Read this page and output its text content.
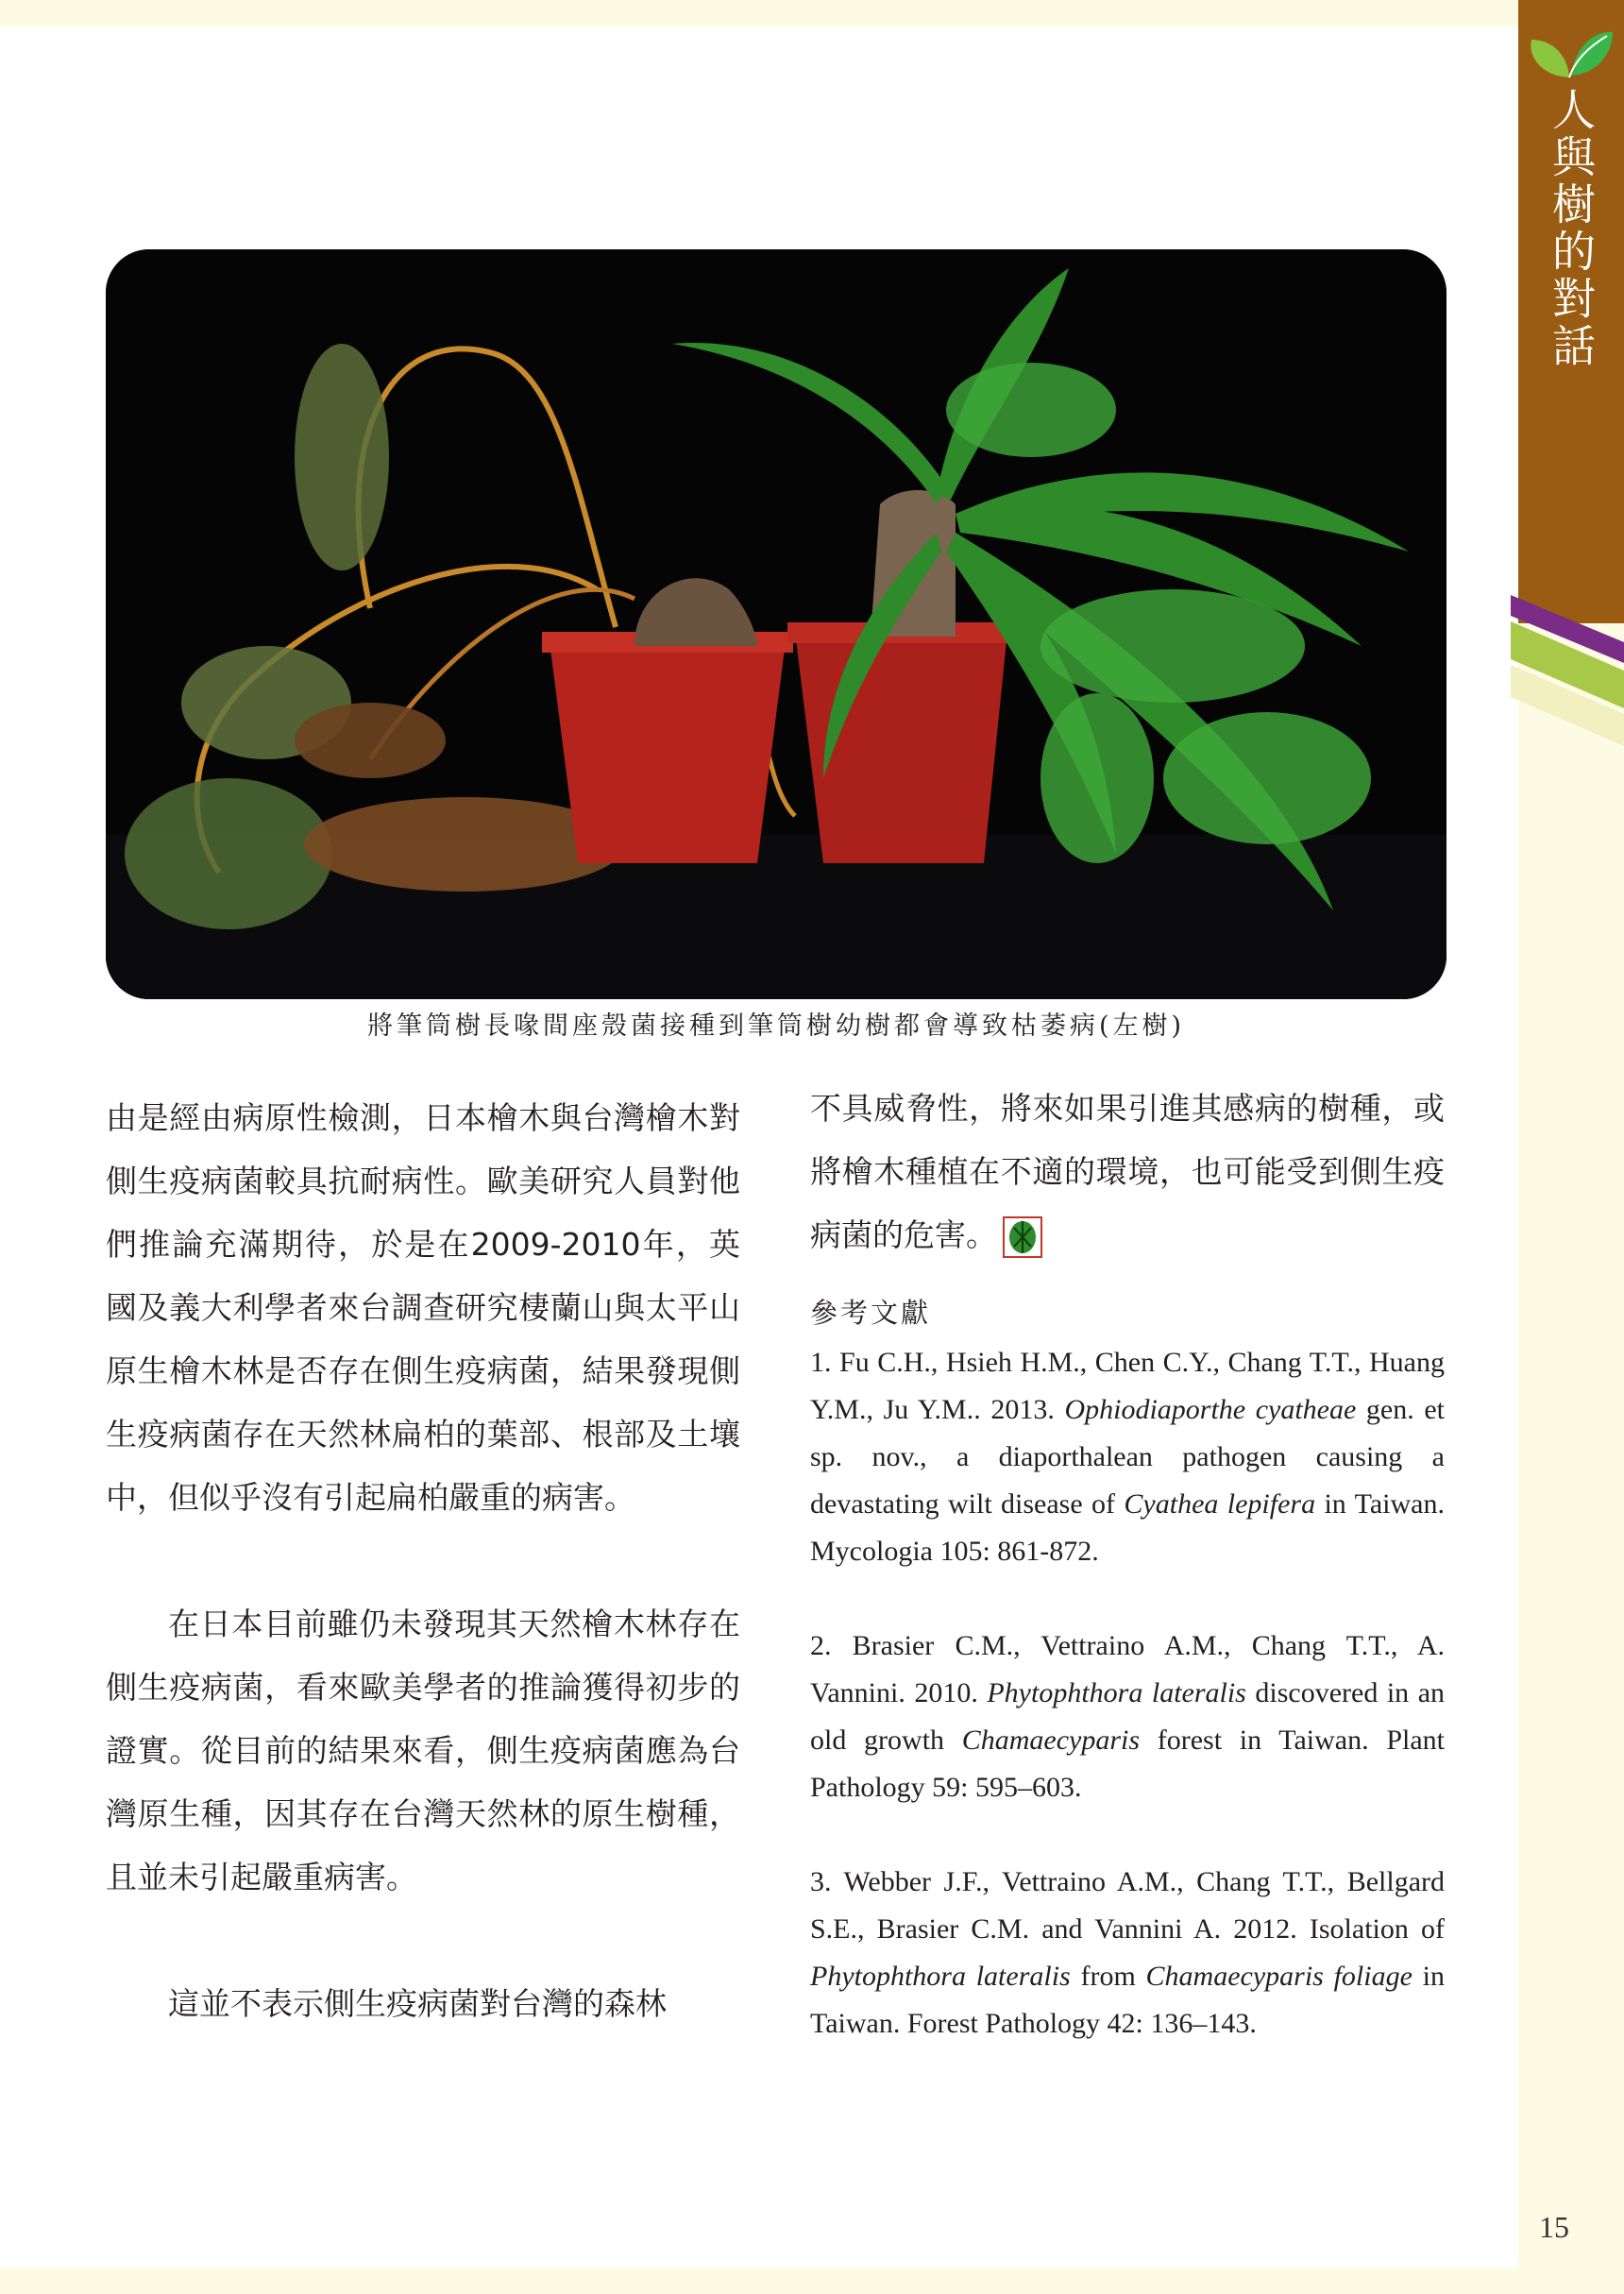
人與樹的對話
將筆筒樹長喙間座殼菌接種到筆筒樹幼樹都會導致枯萎病(左樹)

由是經由病原性檢測，日本檜木與台灣檜木對側生疫病菌較具抗耐病性。歐美研究人員對他們推論充滿期待，於是在2009-2010年，英國及義大利學者來台調查研究棲蘭山與太平山原生檜木林是否存在側生疫病菌，結果發現側生疫病菌存在天然林扁柏的葉部、根部及土壤中，但似乎沒有引起扁柏嚴重的病害。

在日本目前雖仍未發現其天然檜木林存在側生疫病菌，看來歐美學者的推論獲得初步的證實。從目前的結果來看，側生疫病菌應為台灣原生種，因其存在台灣天然林的原生樹種，且並未引起嚴重病害。

這並不表示側生疫病菌對台灣的森林

不具威脅性，將來如果引進其感病的樹種，或將檜木種植在不適的環境，也可能受到側生疫病菌的危害。

參考文獻

1. Fu C.H., Hsieh H.M., Chen C.Y., Chang T.T., Huang Y.M., Ju Y.M.. 2013. Ophiodiaporthe cyatheae gen. et sp. nov., a diaporthalean pathogen causing a devastating wilt disease of Cyathea lepifera in Taiwan. Mycologia 105: 861-872.

2. Brasier C.M., Vettraino A.M., Chang T.T., A. Vannini. 2010. Phytophthora lateralis discovered in an old growth Chamaecyparis forest in Taiwan. Plant Pathology 59: 595–603.

3. Webber J.F., Vettraino A.M., Chang T.T., Bellgard S.E., Brasier C.M. and Vannini A. 2012. Isolation of Phytophthora lateralis from Chamaecyparis foliage in Taiwan. Forest Pathology 42: 136–143.

15
